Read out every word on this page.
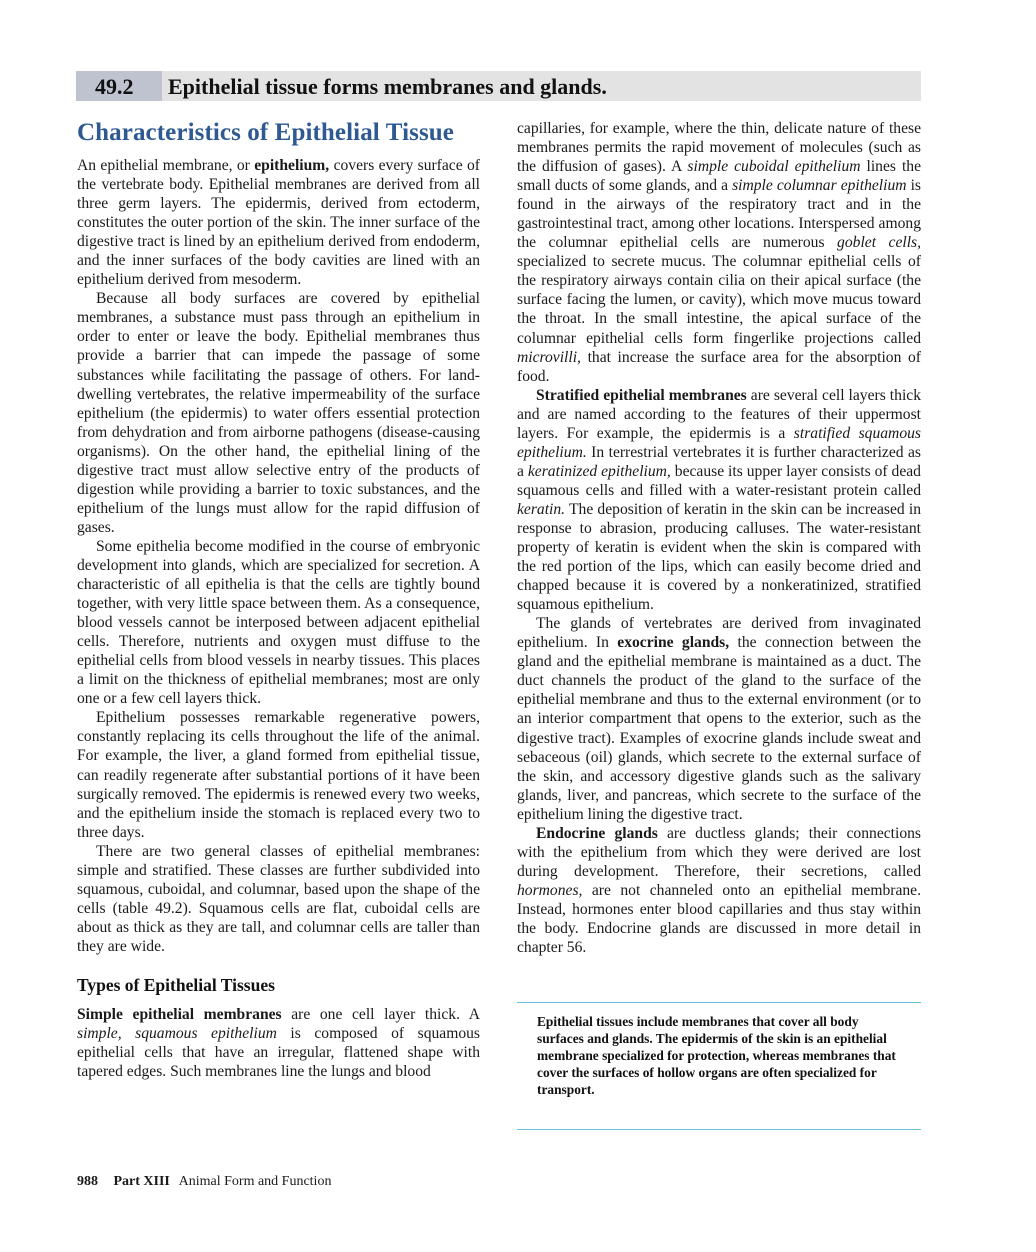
49.2 Epithelial tissue forms membranes and glands.
Characteristics of Epithelial Tissue

An epithelial membrane, or epithelium, covers every surface of the vertebrate body. Epithelial membranes are derived from all three germ layers. The epidermis, derived from ectoderm, constitutes the outer portion of the skin. The inner surface of the digestive tract is lined by an epithelium derived from endoderm, and the inner surfaces of the body cavities are lined with an epithelium derived from mesoderm.

Because all body surfaces are covered by epithelial membranes, a substance must pass through an epithelium in order to enter or leave the body. Epithelial membranes thus provide a barrier that can impede the passage of some substances while facilitating the passage of others. For land-dwelling vertebrates, the relative impermeability of the surface epithelium (the epidermis) to water offers essential protection from dehydration and from airborne pathogens (disease-causing organisms). On the other hand, the epithelial lining of the digestive tract must allow selective entry of the products of digestion while providing a barrier to toxic substances, and the epithelium of the lungs must allow for the rapid diffusion of gases.

Some epithelia become modified in the course of embryonic development into glands, which are specialized for secretion. A characteristic of all epithelia is that the cells are tightly bound together, with very little space between them. As a consequence, blood vessels cannot be interposed between adjacent epithelial cells. Therefore, nutrients and oxygen must diffuse to the epithelial cells from blood vessels in nearby tissues. This places a limit on the thickness of epithelial membranes; most are only one or a few cell layers thick.

Epithelium possesses remarkable regenerative powers, constantly replacing its cells throughout the life of the animal. For example, the liver, a gland formed from epithelial tissue, can readily regenerate after substantial portions of it have been surgically removed. The epidermis is renewed every two weeks, and the epithelium inside the stomach is replaced every two to three days.

There are two general classes of epithelial membranes: simple and stratified. These classes are further subdivided into squamous, cuboidal, and columnar, based upon the shape of the cells (table 49.2). Squamous cells are flat, cuboidal cells are about as thick as they are tall, and columnar cells are taller than they are wide.

Types of Epithelial Tissues

Simple epithelial membranes are one cell layer thick. A simple, squamous epithelium is composed of squamous epithelial cells that have an irregular, flattened shape with tapered edges. Such membranes line the lungs and blood

capillaries, for example, where the thin, delicate nature of these membranes permits the rapid movement of molecules (such as the diffusion of gases). A simple cuboidal epithelium lines the small ducts of some glands, and a simple columnar epithelium is found in the airways of the respiratory tract and in the gastrointestinal tract, among other locations. Interspersed among the columnar epithelial cells are numerous goblet cells, specialized to secrete mucus. The columnar epithelial cells of the respiratory airways contain cilia on their apical surface (the surface facing the lumen, or cavity), which move mucus toward the throat. In the small intestine, the apical surface of the columnar epithelial cells form fingerlike projections called microvilli, that increase the surface area for the absorption of food.

Stratified epithelial membranes are several cell layers thick and are named according to the features of their uppermost layers. For example, the epidermis is a stratified squamous epithelium. In terrestrial vertebrates it is further characterized as a keratinized epithelium, because its upper layer consists of dead squamous cells and filled with a water-resistant protein called keratin. The deposition of keratin in the skin can be increased in response to abrasion, producing calluses. The water-resistant property of keratin is evident when the skin is compared with the red portion of the lips, which can easily become dried and chapped because it is covered by a nonkeratinized, stratified squamous epithelium.

The glands of vertebrates are derived from invaginated epithelium. In exocrine glands, the connection between the gland and the epithelial membrane is maintained as a duct. The duct channels the product of the gland to the surface of the epithelial membrane and thus to the external environment (or to an interior compartment that opens to the exterior, such as the digestive tract). Examples of exocrine glands include sweat and sebaceous (oil) glands, which secrete to the external surface of the skin, and accessory digestive glands such as the salivary glands, liver, and pancreas, which secrete to the surface of the epithelium lining the digestive tract.

Endocrine glands are ductless glands; their connections with the epithelium from which they were derived are lost during development. Therefore, their secretions, called hormones, are not channeled onto an epithelial membrane. Instead, hormones enter blood capillaries and thus stay within the body. Endocrine glands are discussed in more detail in chapter 56.

Epithelial tissues include membranes that cover all body surfaces and glands. The epidermis of the skin is an epithelial membrane specialized for protection, whereas membranes that cover the surfaces of hollow organs are often specialized for transport.

988 Part XIII Animal Form and Function
